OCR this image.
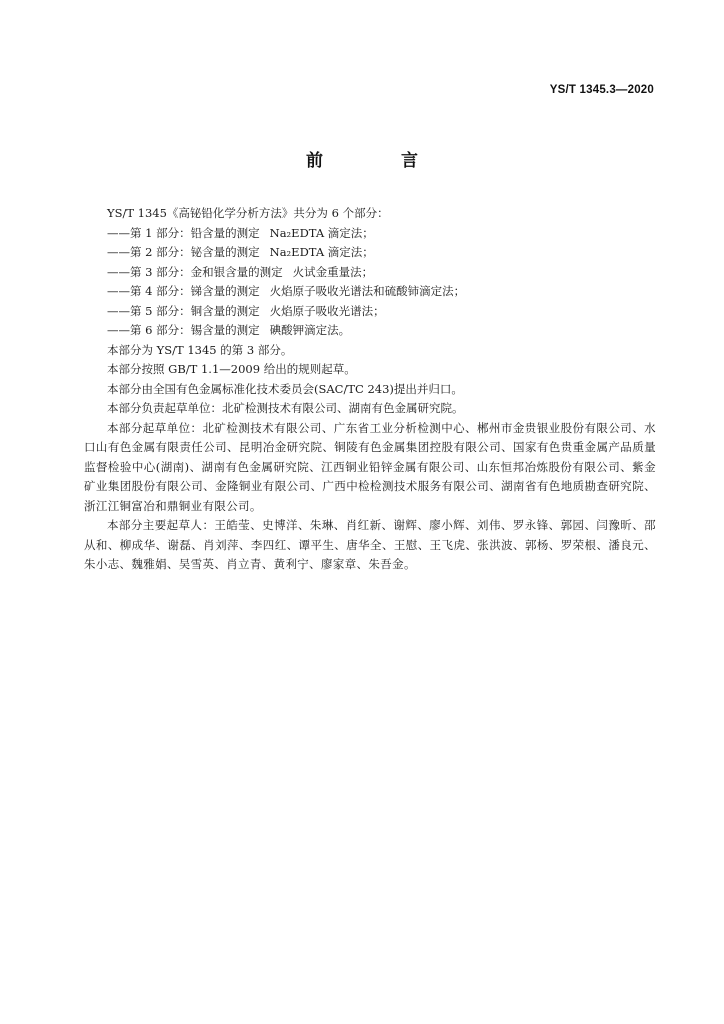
YS/T 1345.3—2020
前 言

YS/T 1345《高铋铅化学分析方法》共分为 6 个部分：

——第 1 部分：铅含量的测定 Na₂EDTA 滴定法；

——第 2 部分：铋含量的测定 Na₂EDTA 滴定法；

——第 3 部分：金和银含量的测定 火试金重量法；

——第 4 部分：锑含量的测定 火焰原子吸收光谱法和硫酸铈滴定法；

——第 5 部分：铜含量的测定 火焰原子吸收光谱法；

——第 6 部分：锡含量的测定 碘酸钾滴定法。

本部分为 YS/T 1345 的第 3 部分。

本部分按照 GB/T 1.1—2009 给出的规则起草。

本部分由全国有色金属标准化技术委员会(SAC/TC 243)提出并归口。

本部分负责起草单位：北矿检测技术有限公司、湖南有色金属研究院。

本部分起草单位：北矿检测技术有限公司、广东省工业分析检测中心、郴州市金贵银业股份有限公司、水口山有色金属有限责任公司、昆明冶金研究院、铜陵有色金属集团控股有限公司、国家有色贵重金属产品质量监督检验中心(湖南)、湖南有色金属研究院、江西铜业铅锌金属有限公司、山东恒邦冶炼股份有限公司、紫金矿业集团股份有限公司、金隆铜业有限公司、广西中检检测技术服务有限公司、湖南省有色地质勘查研究院、浙江江铜富冶和鼎铜业有限公司。

本部分主要起草人：王皓莹、史博洋、朱琳、肖红新、谢辉、廖小辉、刘伟、罗永锋、郭园、闫豫昕、邵从和、柳成华、谢磊、肖刘萍、李四红、谭平生、唐华全、王慰、王飞虎、张洪波、郭杨、罗荣根、潘良元、朱小志、魏雅娟、吴雪英、肖立青、黄利宁、廖家章、朱吾金。
